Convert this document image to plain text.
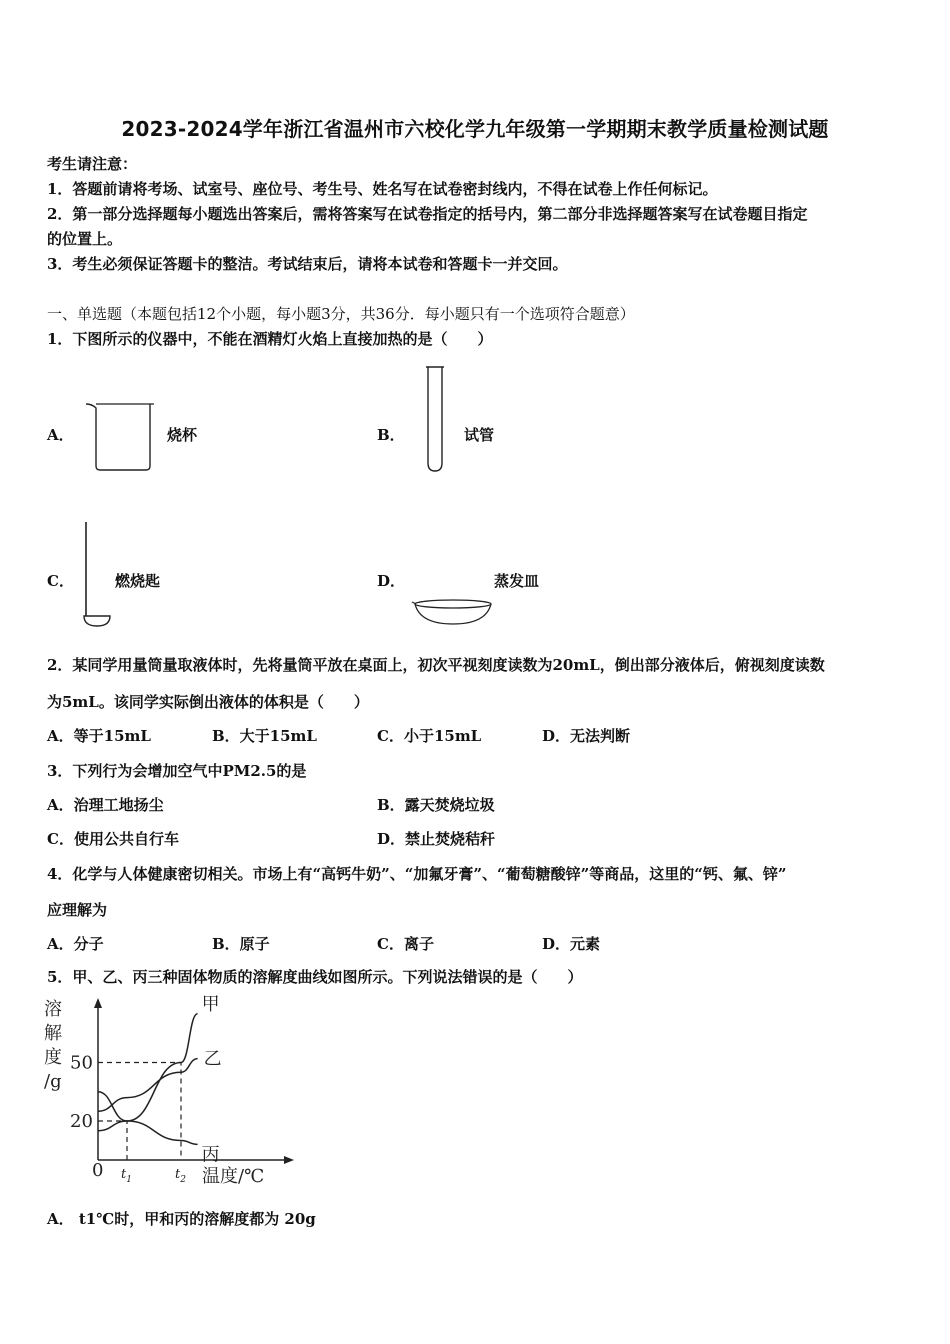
2023-2024学年浙江省温州市六校化学九年级第一学期期末教学质量检测试题
考生请注意：
1．答题前请将考场、试室号、座位号、考生号、姓名写在试卷密封线内，不得在试卷上作任何标记。
2．第一部分选择题每小题选出答案后，需将答案写在试卷指定的括号内，第二部分非选择题答案写在试卷题目指定
的位置上。
3．考生必须保证答题卡的整洁。考试结束后，请将本试卷和答题卡一并交回。
一、单选题（本题包括12个小题，每小题3分，共36分．每小题只有一个选项符合题意）
1．下图所示的仪器中，不能在酒精灯火焰上直接加热的是（　　）
A．	烧杯	B．	试管
C．	燃烧匙	D．	蒸发皿
2．某同学用量筒量取液体时，先将量筒平放在桌面上，初次平视刻度读数为20mL，倒出部分液体后，俯视刻度读数
为5mL。该同学实际倒出液体的体积是（　　）
A．等于15mL	B．大于15mL	C．小于15mL	D．无法判断
3．下列行为会增加空气中PM2.5的是
A．治理工地扬尘	B．露天焚烧垃圾
C．使用公共自行车	D．禁止焚烧秸秆
4．化学与人体健康密切相关。市场上有“高钙牛奶”、“加氟牙膏”、“葡萄糖酸锌”等商品，这里的“钙、氟、锌”
应理解为
A．分子	B．原子	C．离子	D．元素
5．甲、乙、丙三种固体物质的溶解度曲线如图所示。下列说法错误的是（　　）
溶
解
度
/g
50
20
0 $t_1$	$t_2$ 温度/℃
甲
乙
丙
A． t1℃时，甲和丙的溶解度都为 20g
